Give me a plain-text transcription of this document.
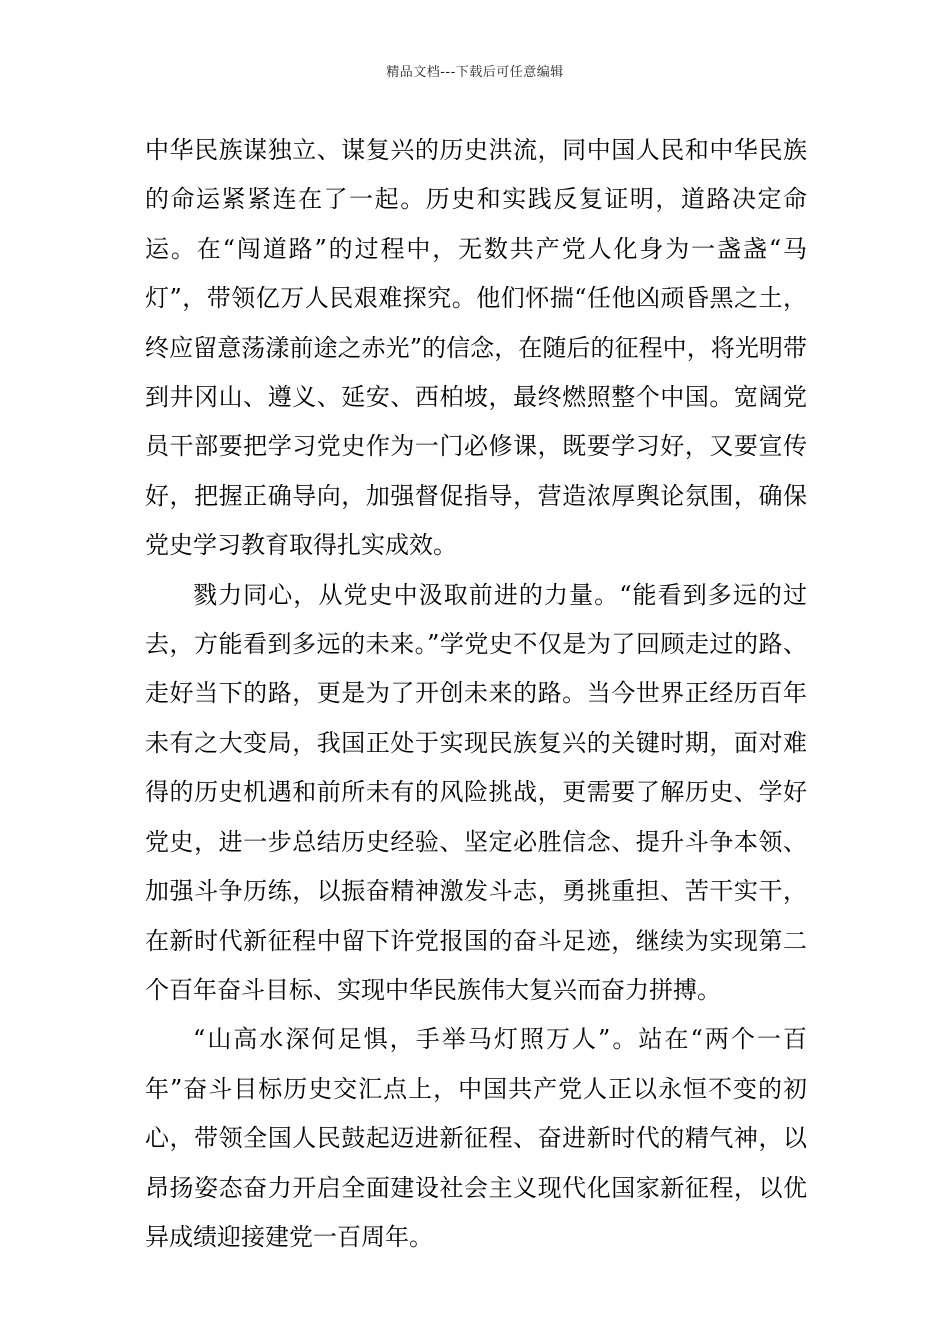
精品文档---下载后可任意编辑

中华民族谋独立、谋复兴的历史洪流，同中国人民和中华民族的命运紧紧连在了一起。历史和实践反复证明，道路决定命运。在“闯道路”的过程中，无数共产党人化身为一盏盏“马灯”，带领亿万人民艰难探究。他们怀揣“任他凶顽昏黑之土，终应留意荡漾前途之赤光”的信念，在随后的征程中，将光明带到井冈山、遵义、延安、西柏坡，最终燃照整个中国。宽阔党员干部要把学习党史作为一门必修课，既要学习好，又要宣传好，把握正确导向，加强督促指导，营造浓厚舆论氛围，确保党史学习教育取得扎实成效。

戮力同心，从党史中汲取前进的力量。“能看到多远的过去，方能看到多远的未来。”学党史不仅是为了回顾走过的路、走好当下的路，更是为了开创未来的路。当今世界正经历百年未有之大变局，我国正处于实现民族复兴的关键时期，面对难得的历史机遇和前所未有的风险挑战，更需要了解历史、学好党史，进一步总结历史经验、坚定必胜信念、提升斗争本领、加强斗争历练，以振奋精神激发斗志，勇挑重担、苦干实干，在新时代新征程中留下许党报国的奋斗足迹，继续为实现第二个百年奋斗目标、实现中华民族伟大复兴而奋力拼搏。

“山高水深何足惧，手举马灯照万人”。站在“两个一百年”奋斗目标历史交汇点上，中国共产党人正以永恒不变的初心，带领全国人民鼓起迈进新征程、奋进新时代的精气神，以昂扬姿态奋力开启全面建设社会主义现代化国家新征程，以优异成绩迎接建党一百周年。
